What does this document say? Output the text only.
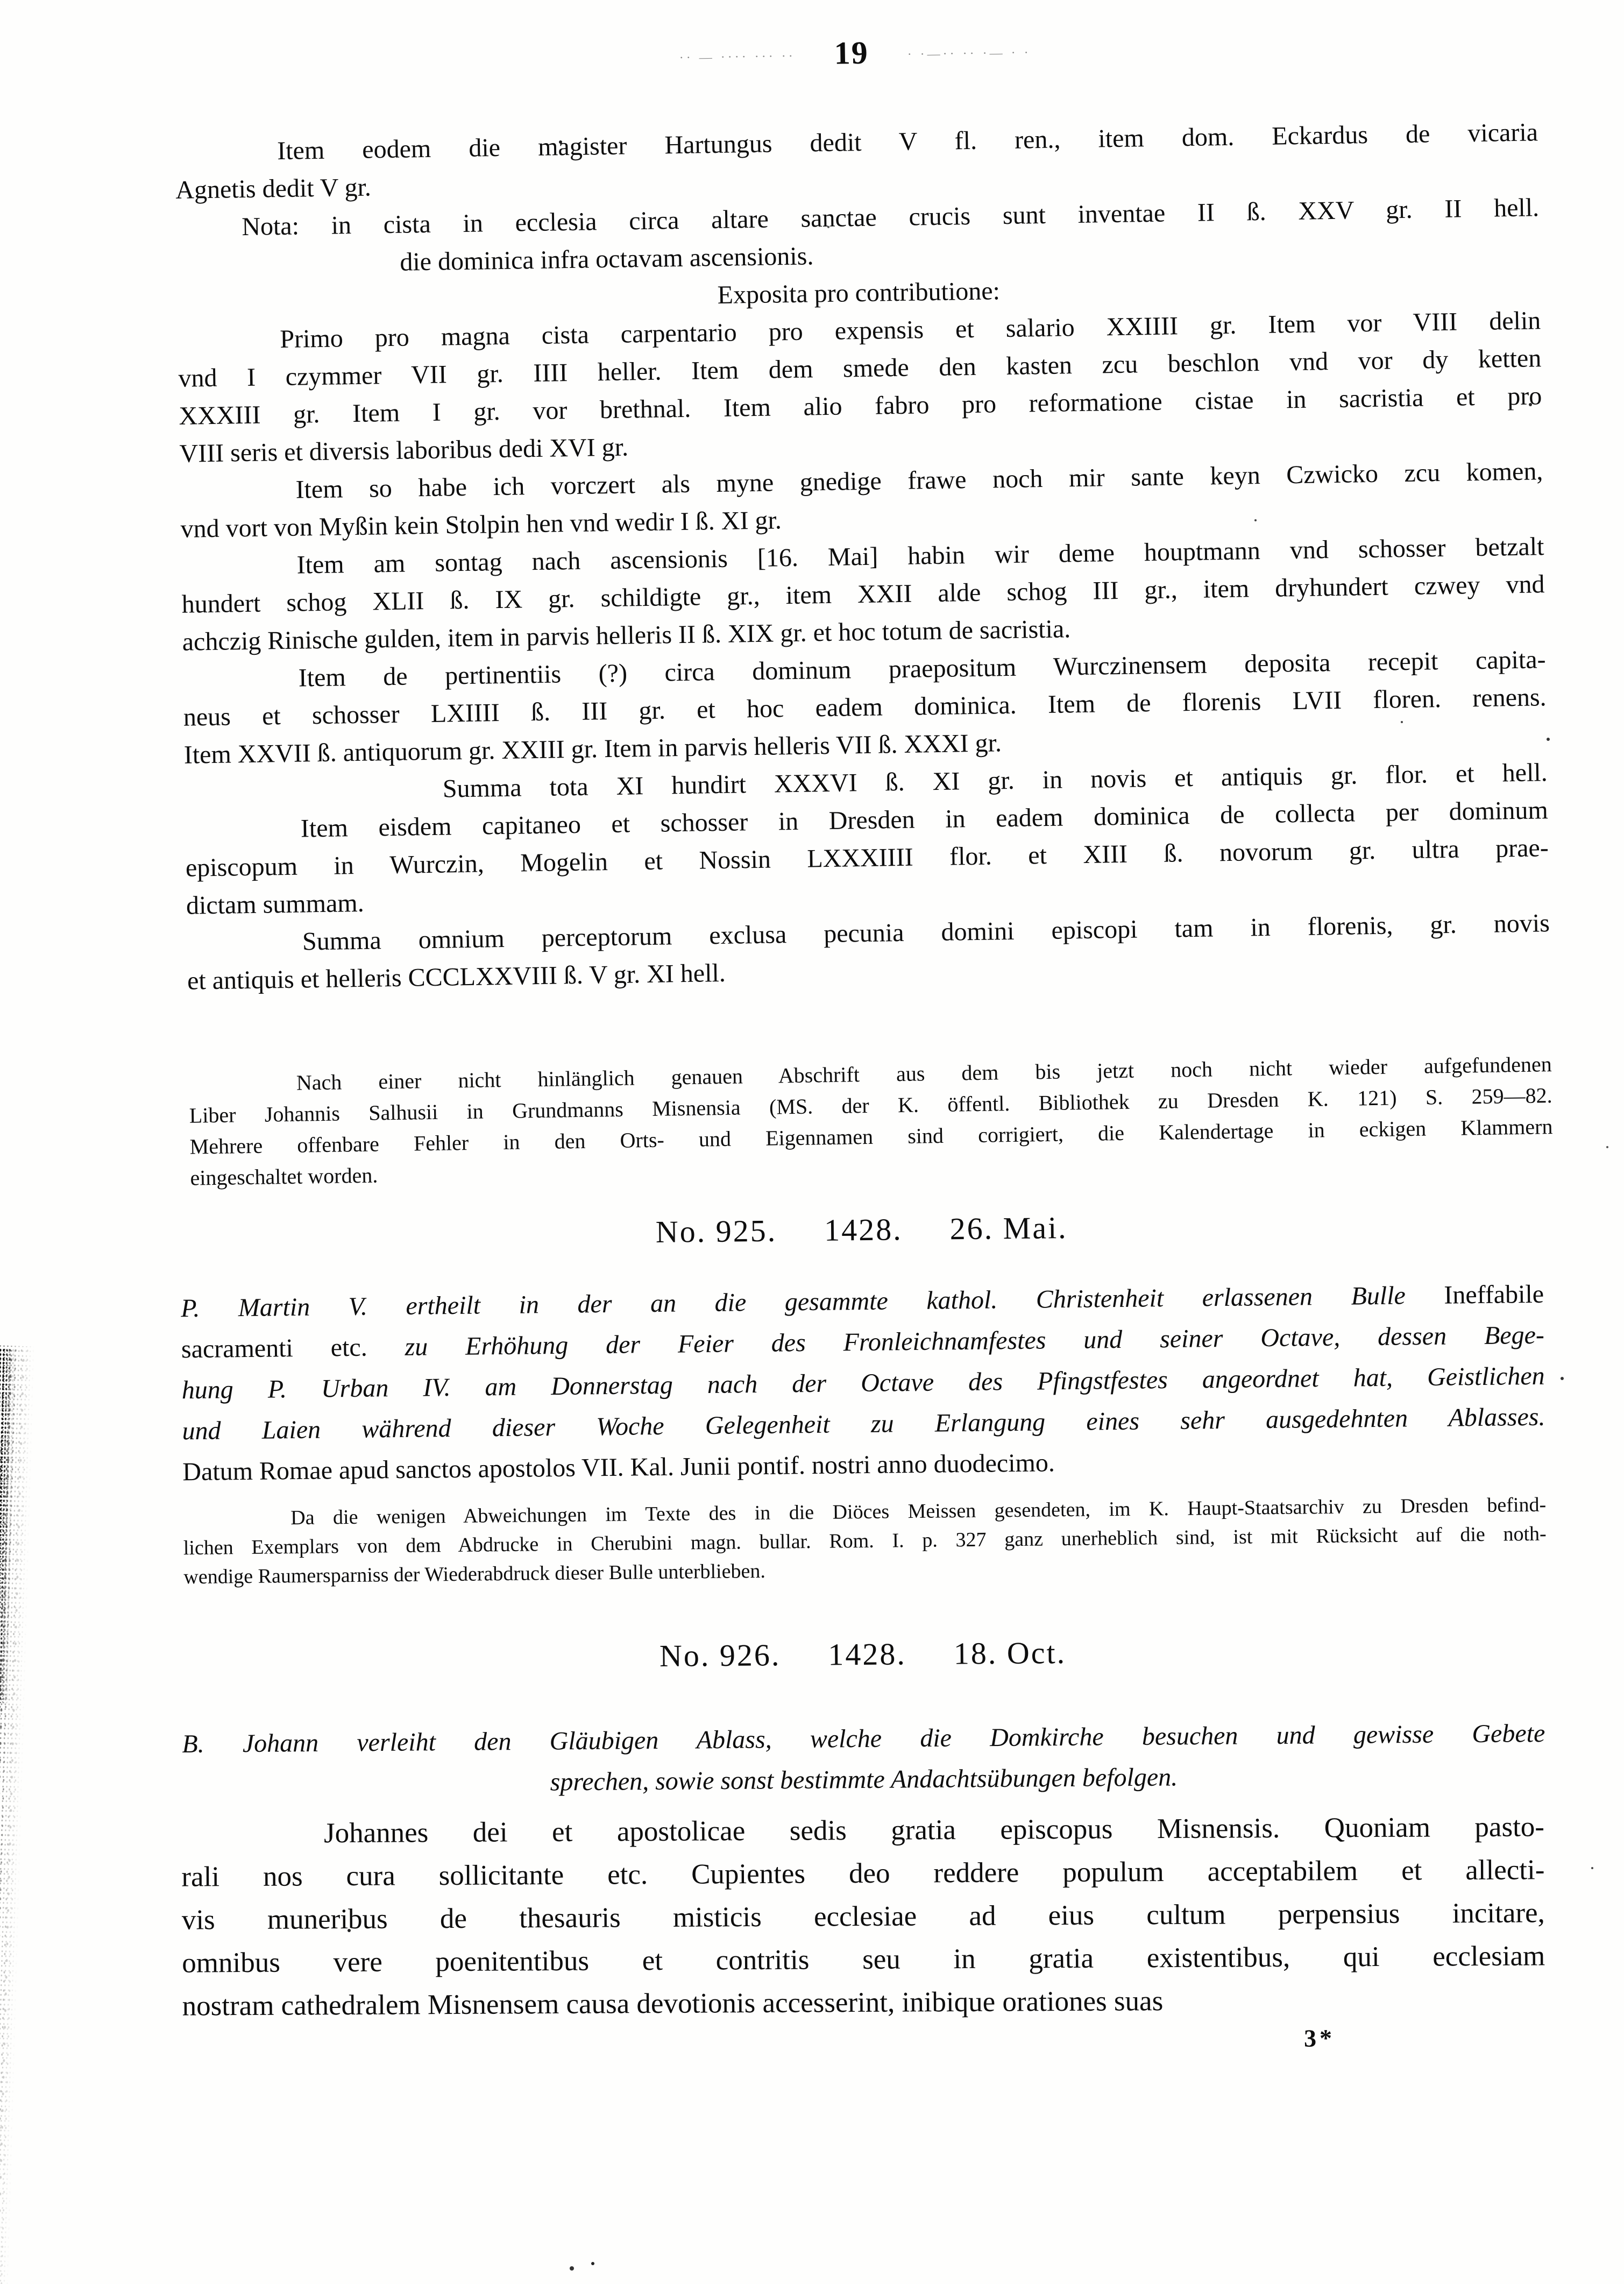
·· — ···· ··· ·· 19	· ·—·· ·· ·— · ·
Item eodem die magister Hartungus dedit V fl. ren., item dom. Eckardus de vicaria
Agnetis dedit V gr.
Nota: in cista in ecclesia circa altare sanctae crucis sunt inventae II ß. XXV gr. II hell.
die dominica infra octavam ascensionis.
Exposita pro contributione:
Primo pro magna cista carpentario pro expensis et salario XXIIII gr. Item vor VIII delin
vnd I czymmer VII gr. IIII heller. Item dem smede den kasten zcu beschlon vnd vor dy ketten
XXXIII gr. Item I gr. vor brethnal. Item alio fabro pro reformatione cistae in sacristia et pro
VIII seris et diversis laboribus dedi XVI gr.
Item so habe ich vorczert als myne gnedige frawe noch mir sante keyn Czwicko zcu komen,
vnd vort von Myßin kein Stolpin hen vnd wedir I ß. XI gr.
Item am sontag nach ascensionis [16. Mai] habin wir deme houptmann vnd schosser betzalt
hundert schog XLII ß. IX gr. schildigte gr., item XXII alde schog III gr., item dryhundert czwey vnd
achczig Rinische gulden, item in parvis helleris II ß. XIX gr. et hoc totum de sacristia.
Item de pertinentiis (?) circa dominum praepositum Wurczinensem deposita recepit capita-
neus et schosser LXIIII ß. III gr. et hoc eadem dominica. Item de florenis LVII floren. renens.
Item XXVII ß. antiquorum gr. XXIII gr. Item in parvis helleris VII ß. XXXI gr.
Summa tota XI hundirt XXXVI ß. XI gr. in novis et antiquis gr. flor. et hell.
Item eisdem capitaneo et schosser in Dresden in eadem dominica de collecta per dominum
episcopum in Wurczin, Mogelin et Nossin LXXXIIII flor. et XIII ß. novorum gr. ultra prae-
dictam summam.
Summa omnium perceptorum exclusa pecunia domini episcopi tam in florenis, gr. novis
et antiquis et helleris CCCLXXVIII ß. V gr. XI hell.
Nach einer nicht hinlänglich genauen Abschrift aus dem bis jetzt noch nicht wieder aufgefundenen
Liber Johannis Salhusii in Grundmanns Misnensia (MS. der K. öffentl. Bibliothek zu Dresden K. 121) S. 259—82.
Mehrere offenbare Fehler in den Orts- und Eigennamen sind corrigiert, die Kalendertage in eckigen Klammern
eingeschaltet worden.
No. 925. 1428. 26. Mai.
P. Martin V. ertheilt in der an die gesammte kathol. Christenheit erlassenen Bulle Ineffabile
sacramenti etc. zu Erhöhung der Feier des Fronleichnamfestes und seiner Octave, dessen Bege-
hung P. Urban IV. am Donnerstag nach der Octave des Pfingstfestes angeordnet hat, Geistlichen
und Laien während dieser Woche Gelegenheit zu Erlangung eines sehr ausgedehnten Ablasses.
Datum Romae apud sanctos apostolos VII. Kal. Junii pontif. nostri anno duodecimo.
Da die wenigen Abweichungen im Texte des in die Diöces Meissen gesendeten, im K. Haupt-Staatsarchiv zu Dresden befind-
lichen Exemplars von dem Abdrucke in Cherubini magn. bullar. Rom. I. p. 327 ganz unerheblich sind, ist mit Rücksicht auf die noth-
wendige Raumersparniss der Wiederabdruck dieser Bulle unterblieben.
No. 926. 1428. 18. Oct.
B. Johann verleiht den Gläubigen Ablass, welche die Domkirche besuchen und gewisse Gebete
sprechen, sowie sonst bestimmte Andachtsübungen befolgen.
Johannes dei et apostolicae sedis gratia episcopus Misnensis. Quoniam pasto-
rali nos cura sollicitante etc. Cupientes deo reddere populum acceptabilem et allecti-
vis muneribus de thesauris misticis ecclesiae ad eius cultum perpensius incitare,
omnibus vere poenitentibus et contritis seu in gratia existentibus, qui ecclesiam
nostram cathedralem Misnensem causa devotionis accesserint, inibique orationes suas
3*
